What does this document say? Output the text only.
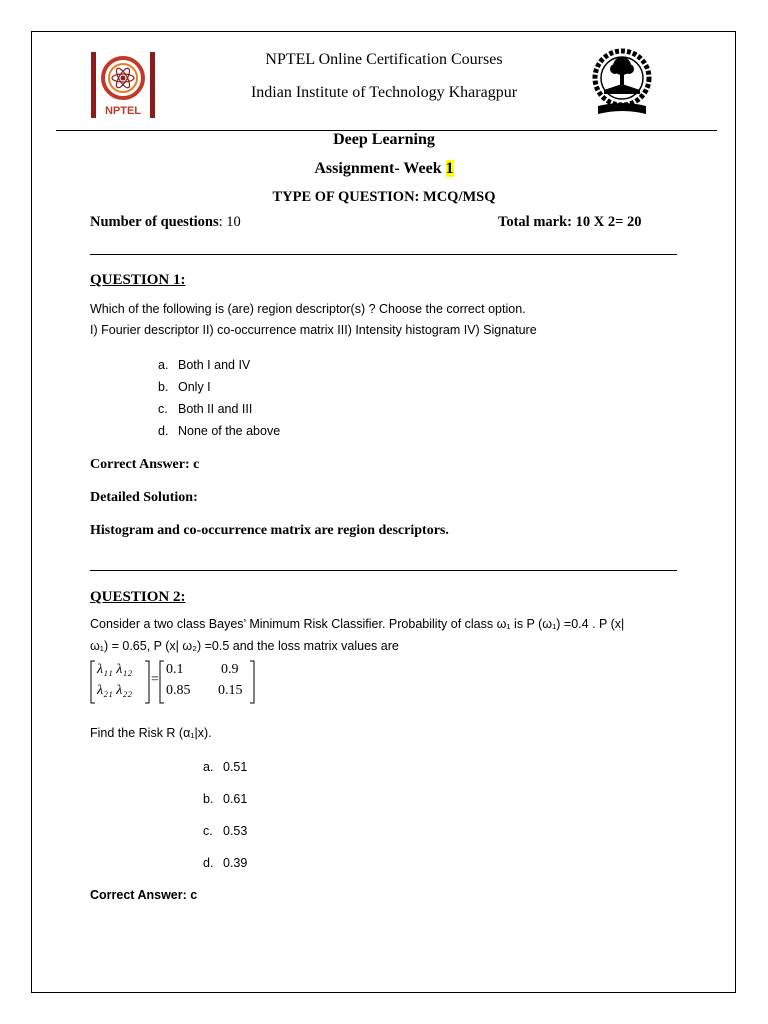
NPTEL
NPTEL Online Certification Courses
Indian Institute of Technology Kharagpur
Deep Learning
Assignment- Week 1
TYPE OF QUESTION: MCQ/MSQ
Number of questions: 10	Total mark: 10 X 2= 20
QUESTION 1:
Which of the following is (are) region descriptor(s) ? Choose the correct option.
I) Fourier descriptor II) co-occurrence matrix III) Intensity histogram IV) Signature
a. Both I and IV
b. Only I
c. Both II and III
d. None of the above
Correct Answer: c
Detailed Solution:
Histogram and co-occurrence matrix are region descriptors.
QUESTION 2:
Consider a two class Bayes’ Minimum Risk Classifier. Probability of class ω₁ is P (ω₁) =0.4 . P (x|
ω₁) = 0.65, P (x| ω₂) =0.5 and the loss matrix values are
λ₁₁ λ₁₂
λ₂₁ λ₂₂
=
0.1	0.9
0.85 0.15
Find the Risk R (α₁|x).
a. 0.51
b. 0.61
c. 0.53
d. 0.39
Correct Answer: c
